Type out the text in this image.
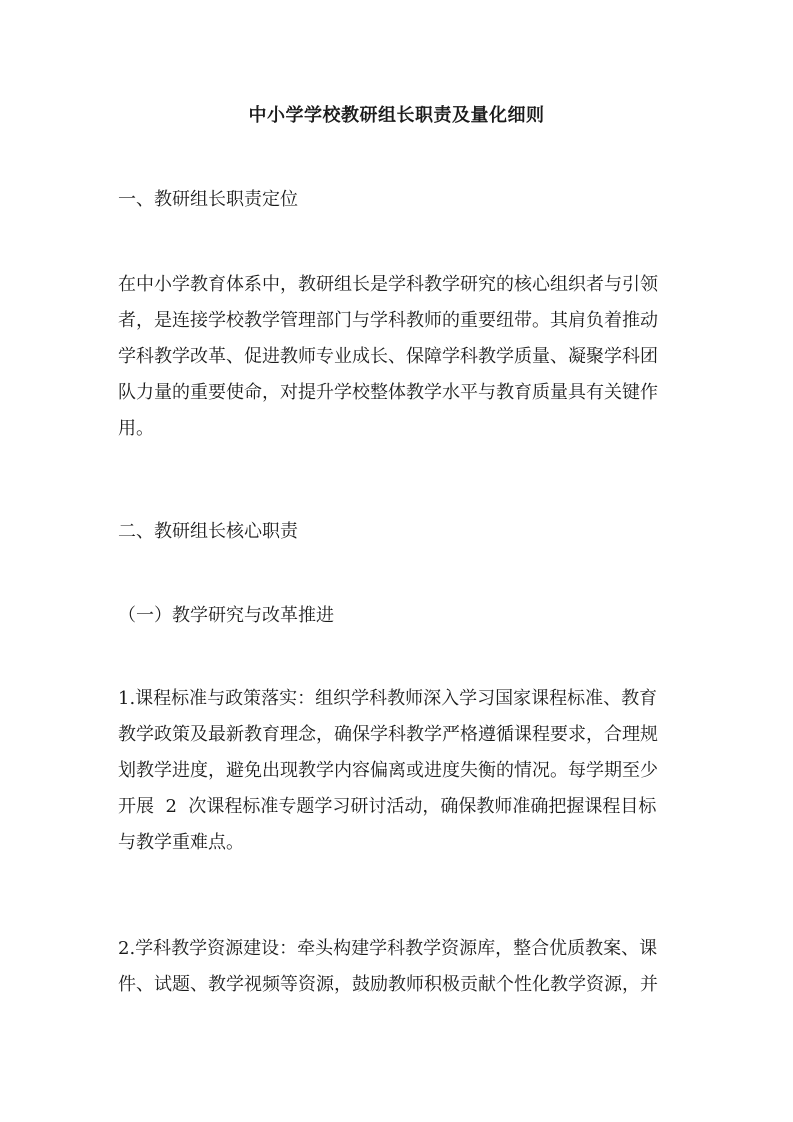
中小学学校教研组长职责及量化细则
一、教研组长职责定位
在中小学教育体系中，教研组长是学科教学研究的核心组织者与引领
者，是连接学校教学管理部门与学科教师的重要纽带。其肩负着推动
学科教学改革、促进教师专业成长、保障学科教学质量、凝聚学科团
队力量的重要使命，对提升学校整体教学水平与教育质量具有关键作
用。
二、教研组长核心职责
（一）教学研究与改革推进
1.课程标准与政策落实：组织学科教师深入学习国家课程标准、教育
教学政策及最新教育理念，确保学科教学严格遵循课程要求，合理规
划教学进度，避免出现教学内容偏离或进度失衡的情况。每学期至少
开展  2  次课程标准专题学习研讨活动，确保教师准确把握课程目标
与教学重难点。
2.学科教学资源建设：牵头构建学科教学资源库，整合优质教案、课
件、试题、教学视频等资源，鼓励教师积极贡献个性化教学资源，并
